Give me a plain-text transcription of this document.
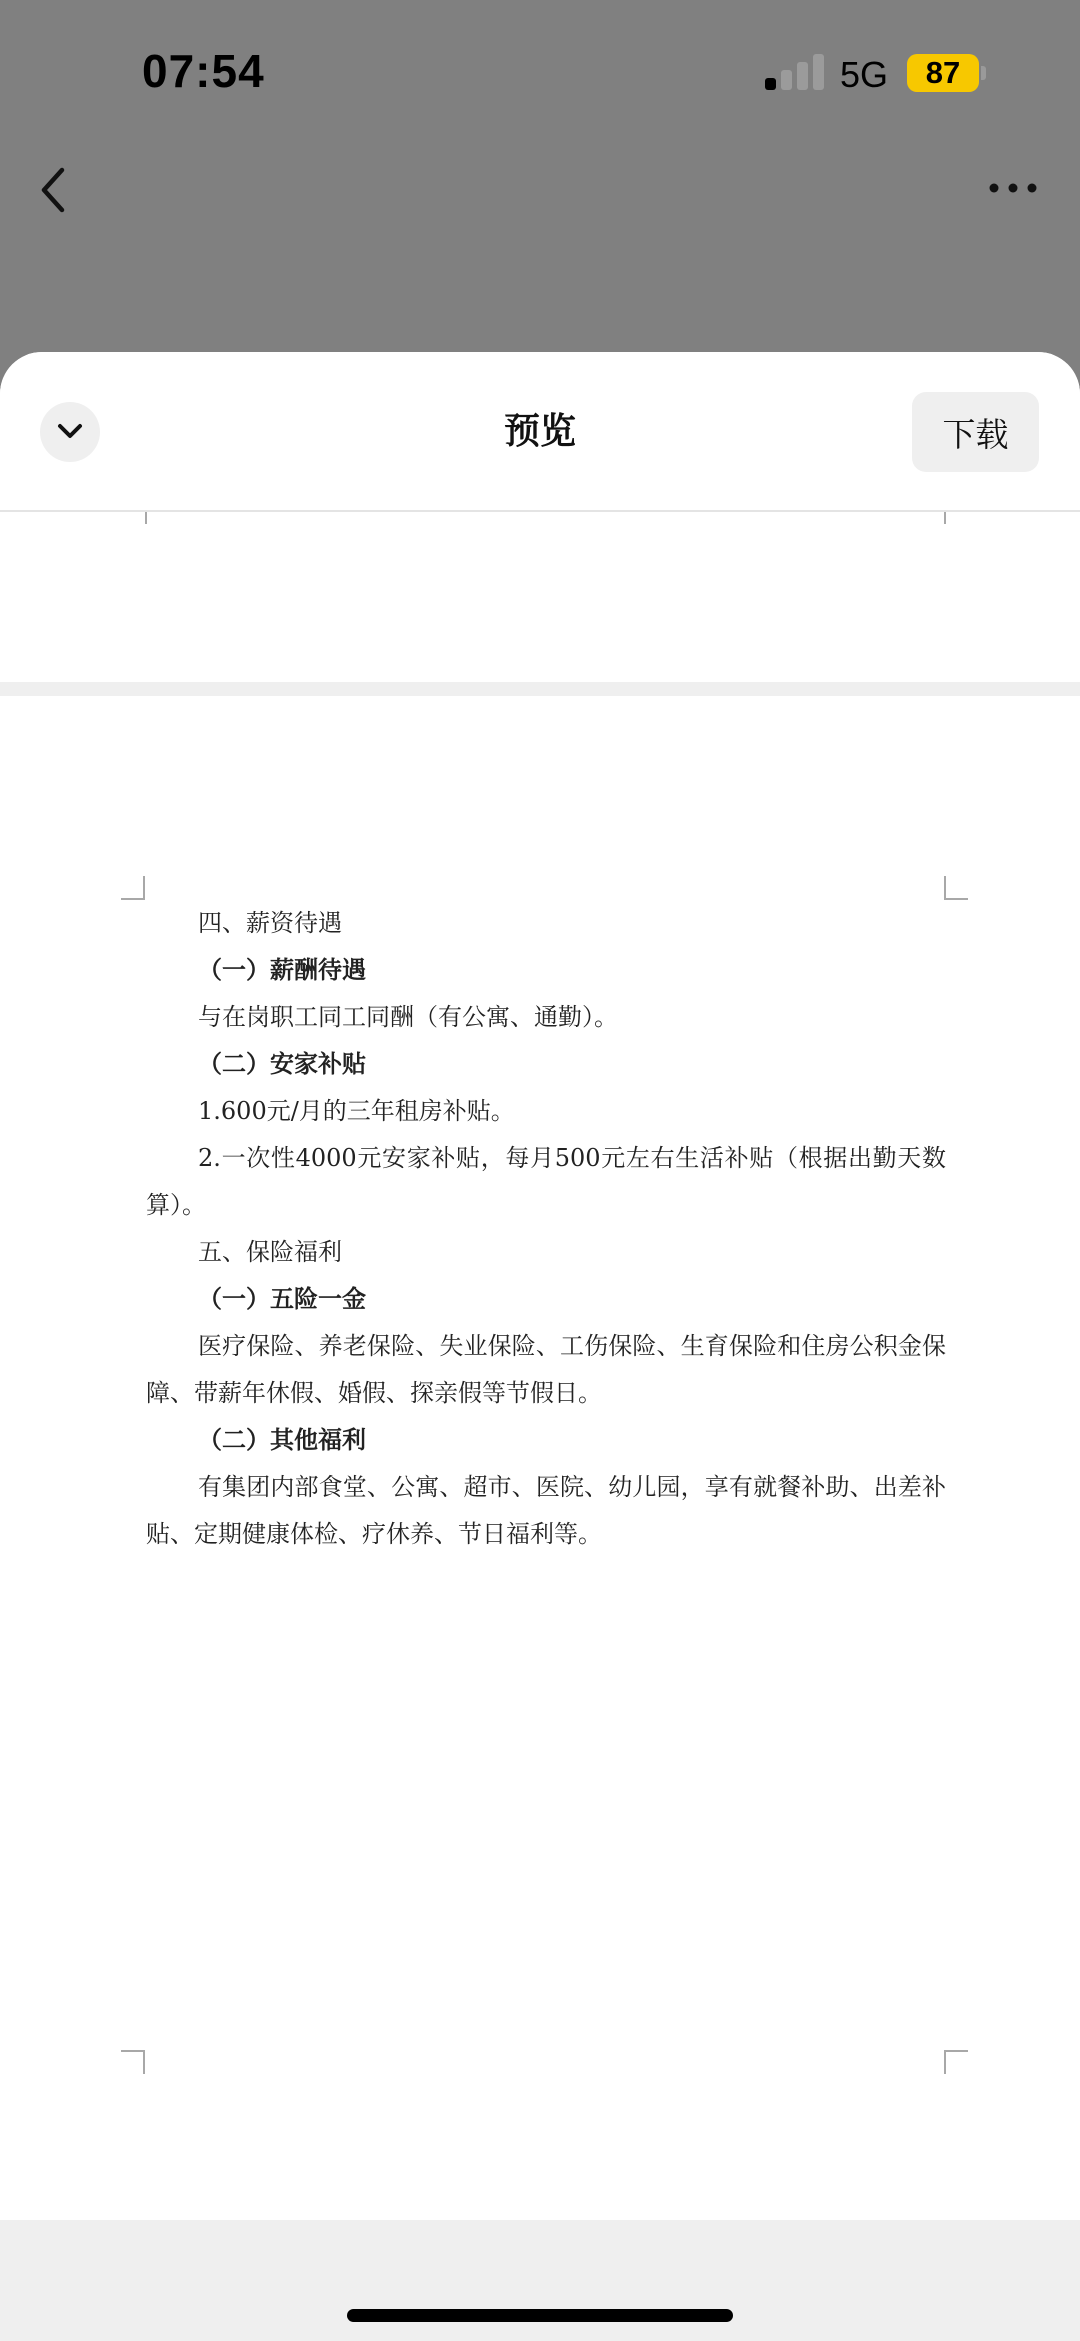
07:54	5G	87
预览	下载
四、薪资待遇
（一）薪酬待遇
与在岗职工同工同酬（有公寓、通勤）。
（二）安家补贴
1.600元/月的三年租房补贴。
2.一次性4000元安家补贴，每月500元左右生活补贴（根据出勤天数算）。
五、保险福利
（一）五险一金
医疗保险、养老保险、失业保险、工伤保险、生育保险和住房公积金保障、带薪年休假、婚假、探亲假等节假日。
（二）其他福利
有集团内部食堂、公寓、超市、医院、幼儿园，享有就餐补助、出差补贴、定期健康体检、疗休养、节日福利等。
